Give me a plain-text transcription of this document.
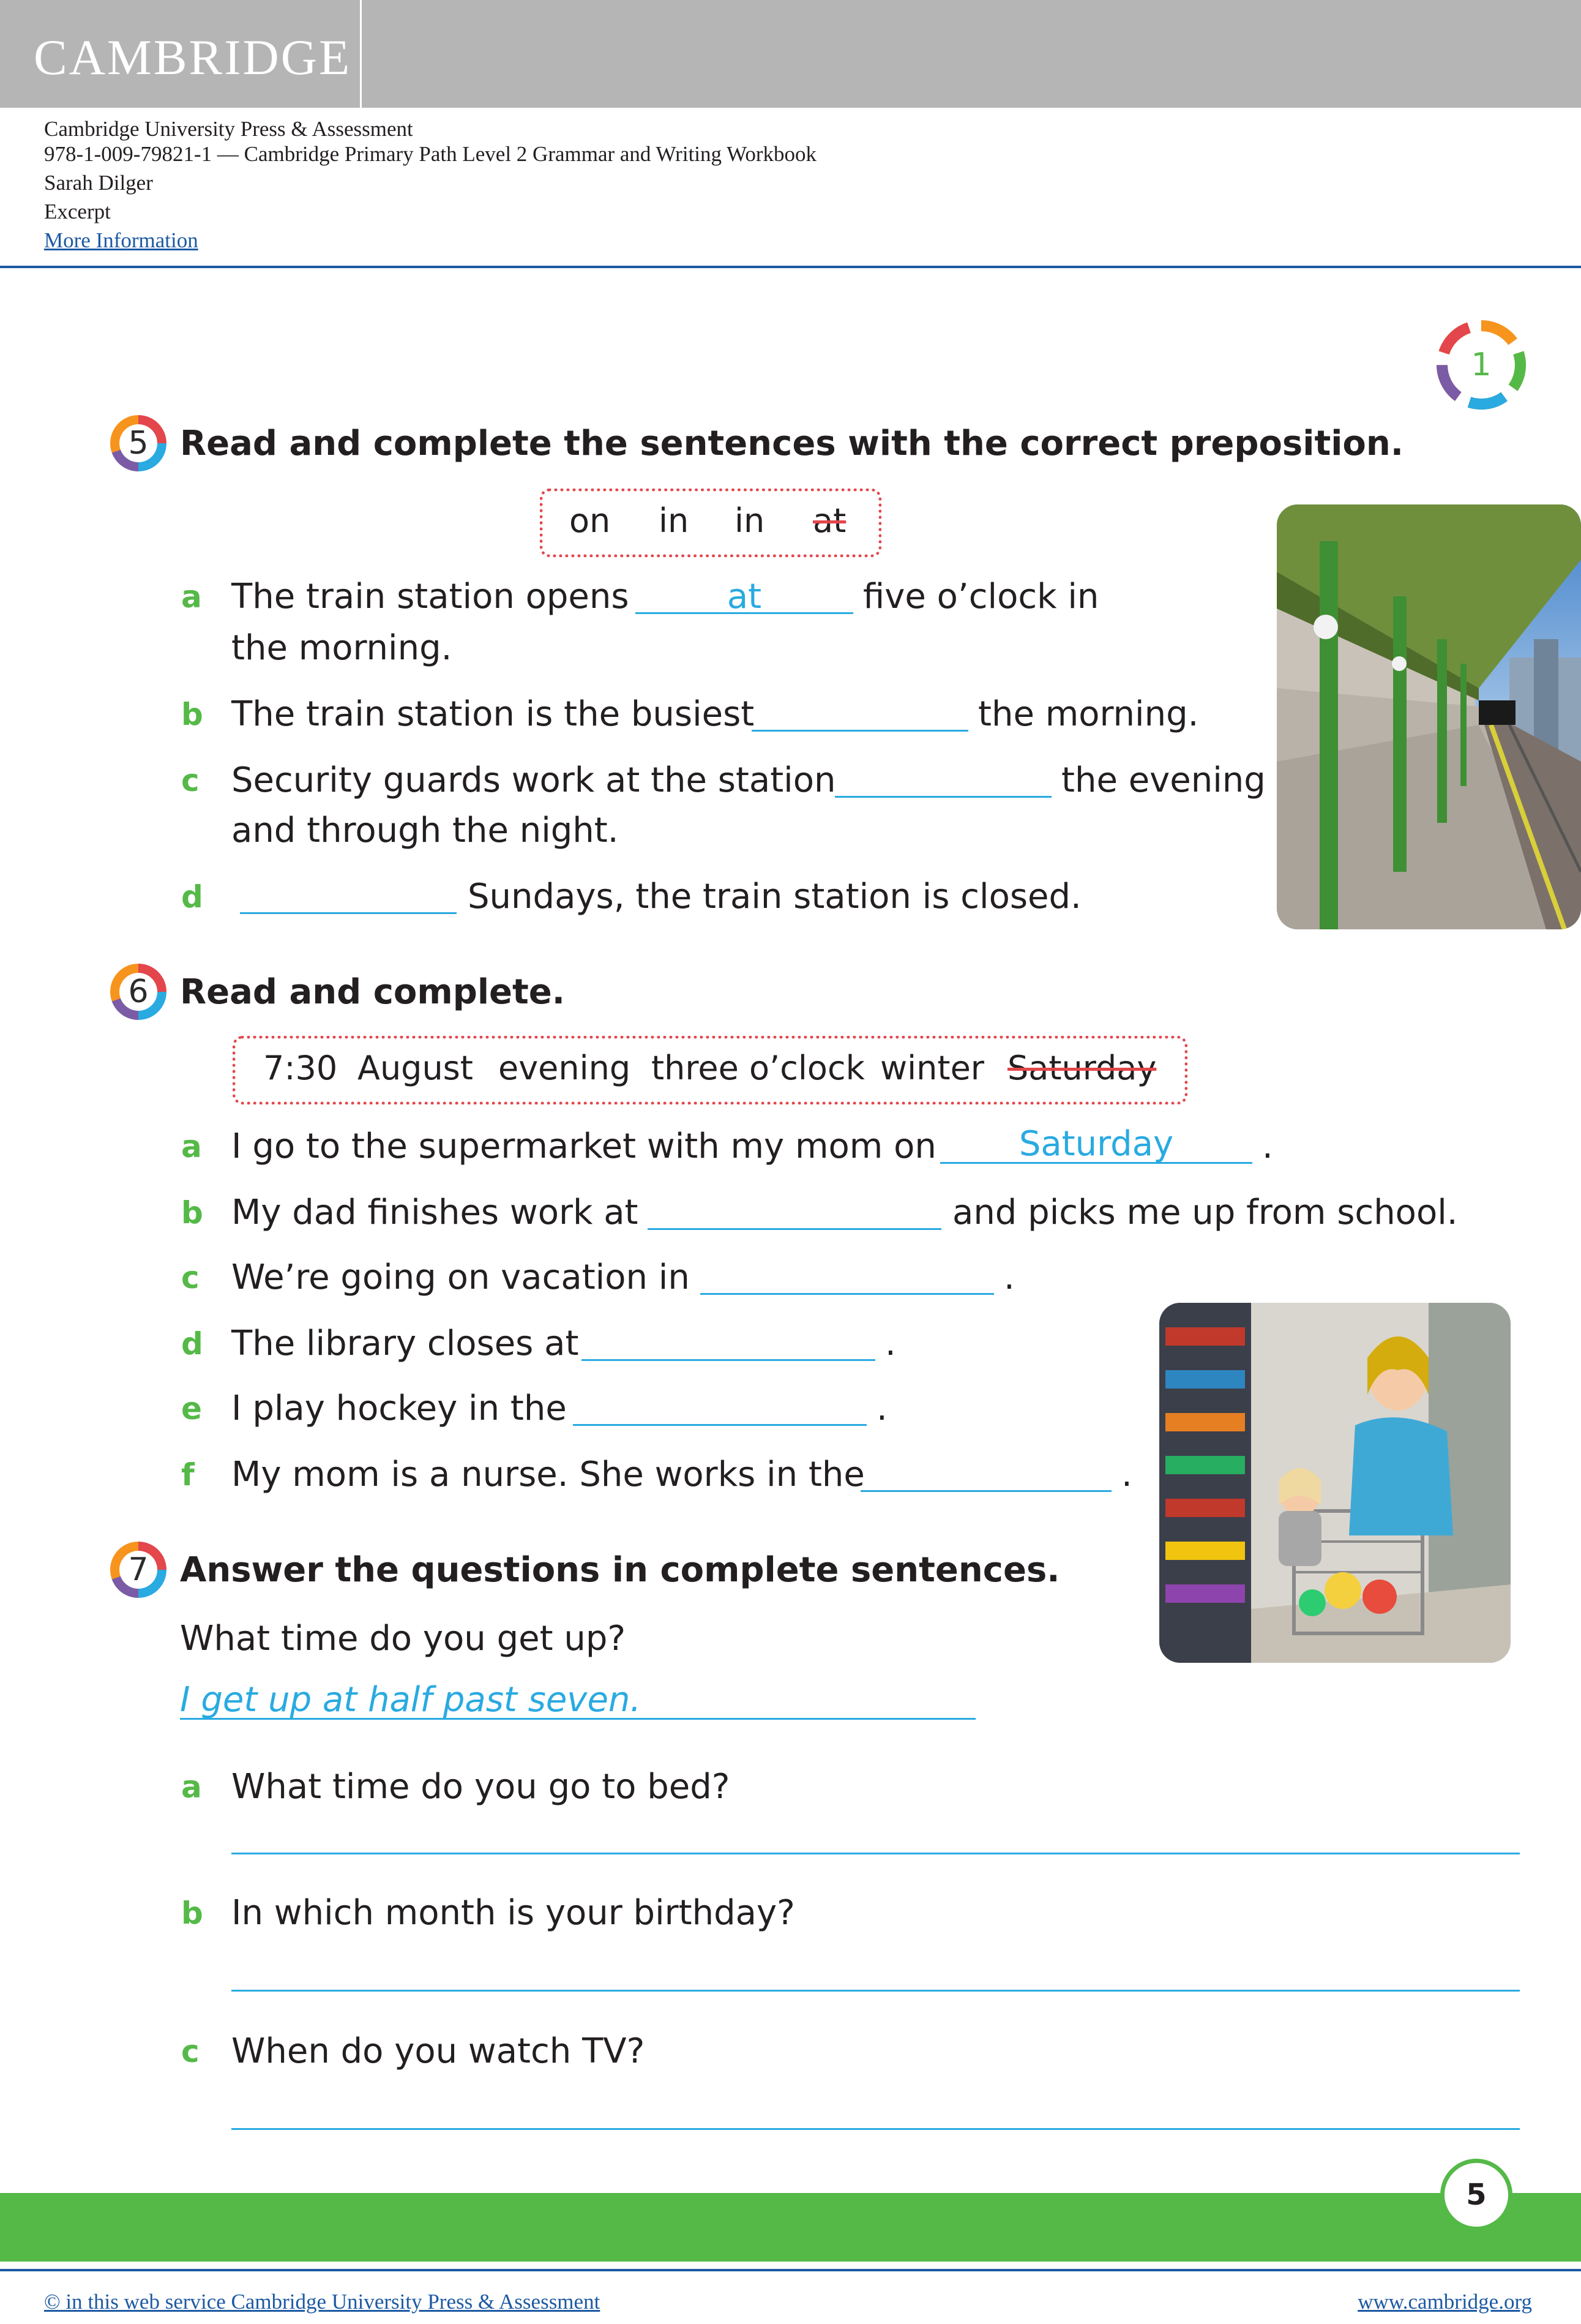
CAMBRIDGE
Cambridge University Press & Assessment
978-1-009-79821-1 — Cambridge Primary Path Level 2 Grammar and Writing Workbook
Sarah Dilger
Excerpt
More Information
1
5 Read and complete the sentences with the correct preposition.
on in in at
a The train station opens	at	five o’clock in
the morning.
b The train station is the busiest	the morning.
c Security guards work at the station	the evening
and through the night.
d	Sundays, the train station is closed.
6 Read and complete.
7:30 August evening three o’clock winter Saturday
a I go to the supermarket with my mom on	Saturday	.
b My dad finishes work at	and picks me up from school.
c We’re going on vacation in	.
d The library closes at	.
e I play hockey in the	.
f My mom is a nurse. She works in the	.
7 Answer the questions in complete sentences.
What time do you get up?
I get up at half past seven.
a What time do you go to bed?
b In which month is your birthday?
c When do you watch TV?
5
© in this web service Cambridge University Press & Assessment	www.cambridge.org
